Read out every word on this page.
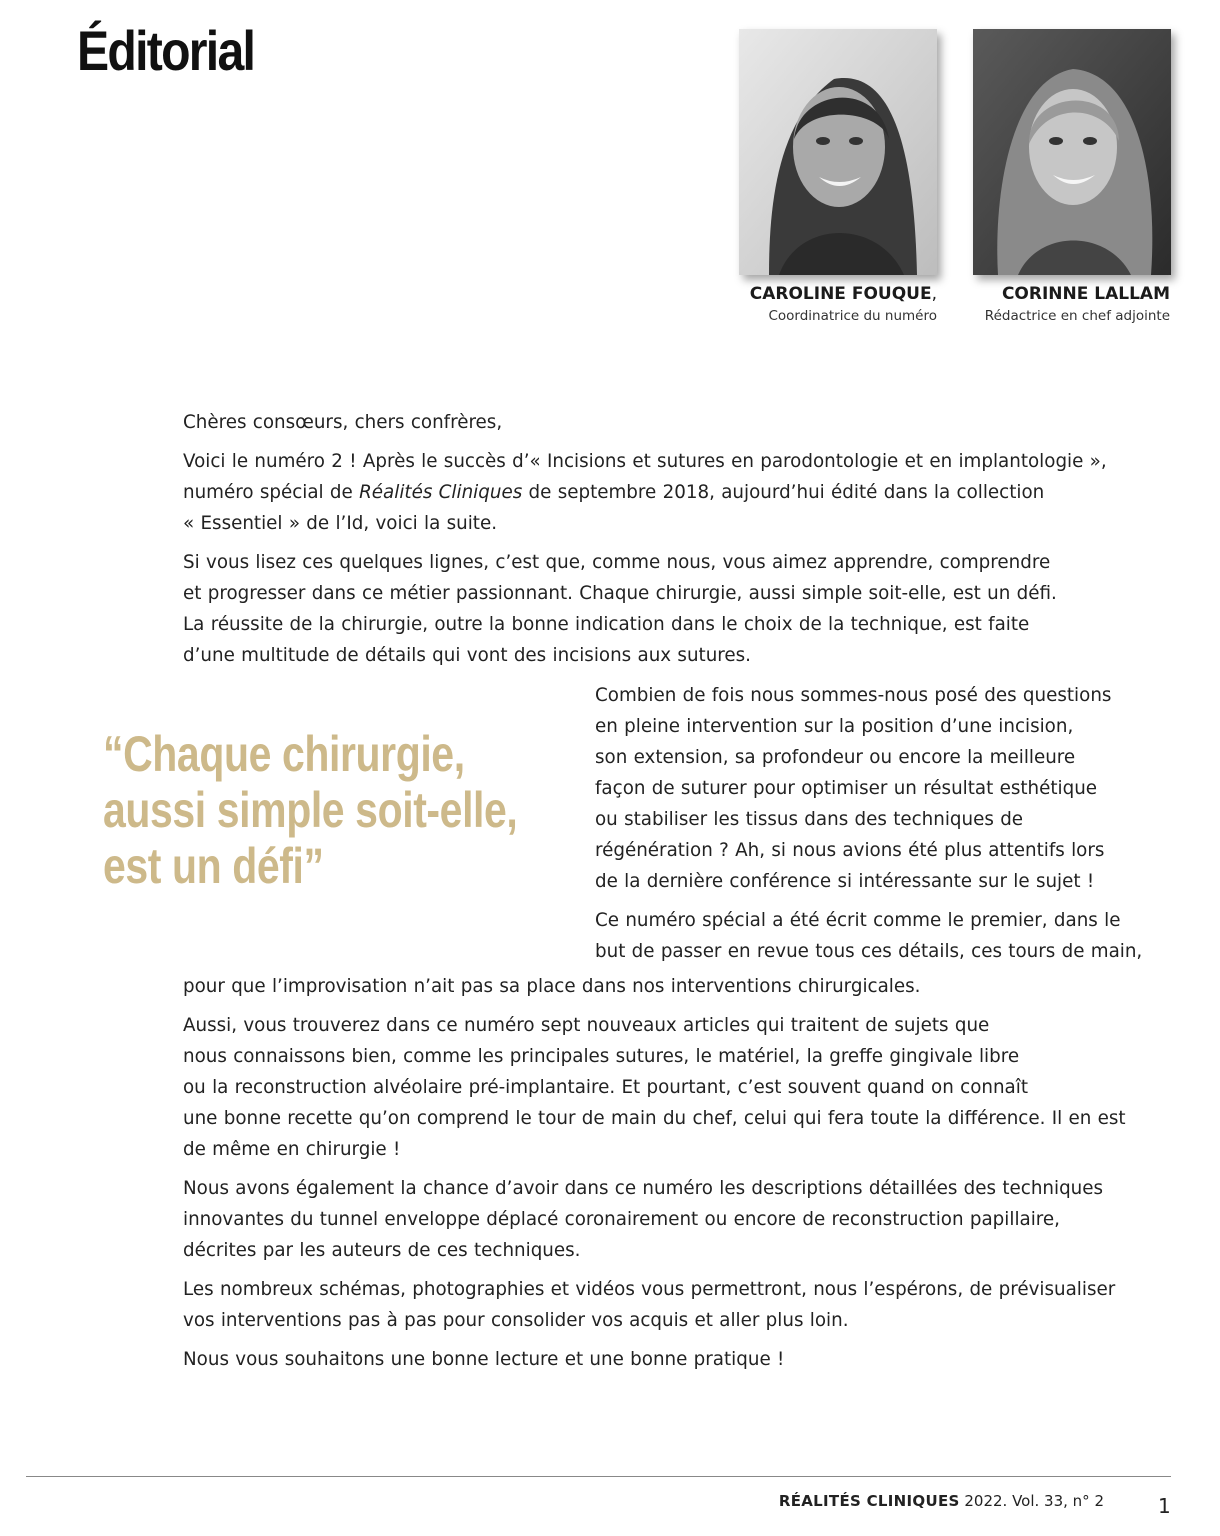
Éditorial
CAROLINE FOUQUE,
Coordinatrice du numéro
CORINNE LALLAM
Rédactrice en chef adjointe

Chères consœurs, chers confrères,

Voici le numéro 2 ! Après le succès d’« Incisions et sutures en parodontologie et en implantologie »,
numéro spécial de Réalités Cliniques de septembre 2018, aujourd’hui édité dans la collection
« Essentiel » de l’Id, voici la suite.

Si vous lisez ces quelques lignes, c’est que, comme nous, vous aimez apprendre, comprendre
et progresser dans ce métier passionnant. Chaque chirurgie, aussi simple soit-elle, est un défi.
La réussite de la chirurgie, outre la bonne indication dans le choix de la technique, est faite
d’une multitude de détails qui vont des incisions aux sutures.

“Chaque chirurgie,
aussi simple soit-elle,
est un défi”

Combien de fois nous sommes-nous posé des questions
en pleine intervention sur la position d’une incision,
son extension, sa profondeur ou encore la meilleure
façon de suturer pour optimiser un résultat esthétique
ou stabiliser les tissus dans des techniques de
régénération ? Ah, si nous avions été plus attentifs lors
de la dernière conférence si intéressante sur le sujet !

Ce numéro spécial a été écrit comme le premier, dans le
but de passer en revue tous ces détails, ces tours de main,

pour que l’improvisation n’ait pas sa place dans nos interventions chirurgicales.

Aussi, vous trouverez dans ce numéro sept nouveaux articles qui traitent de sujets que
nous connaissons bien, comme les principales sutures, le matériel, la greffe gingivale libre
ou la reconstruction alvéolaire pré-implantaire. Et pourtant, c’est souvent quand on connaît
une bonne recette qu’on comprend le tour de main du chef, celui qui fera toute la différence. Il en est
de même en chirurgie !

Nous avons également la chance d’avoir dans ce numéro les descriptions détaillées des techniques
innovantes du tunnel enveloppe déplacé coronairement ou encore de reconstruction papillaire,
décrites par les auteurs de ces techniques.

Les nombreux schémas, photographies et vidéos vous permettront, nous l’espérons, de prévisualiser
vos interventions pas à pas pour consolider vos acquis et aller plus loin.

Nous vous souhaitons une bonne lecture et une bonne pratique !

RÉALITÉS CLINIQUES 2022. Vol. 33, n° 2	1
